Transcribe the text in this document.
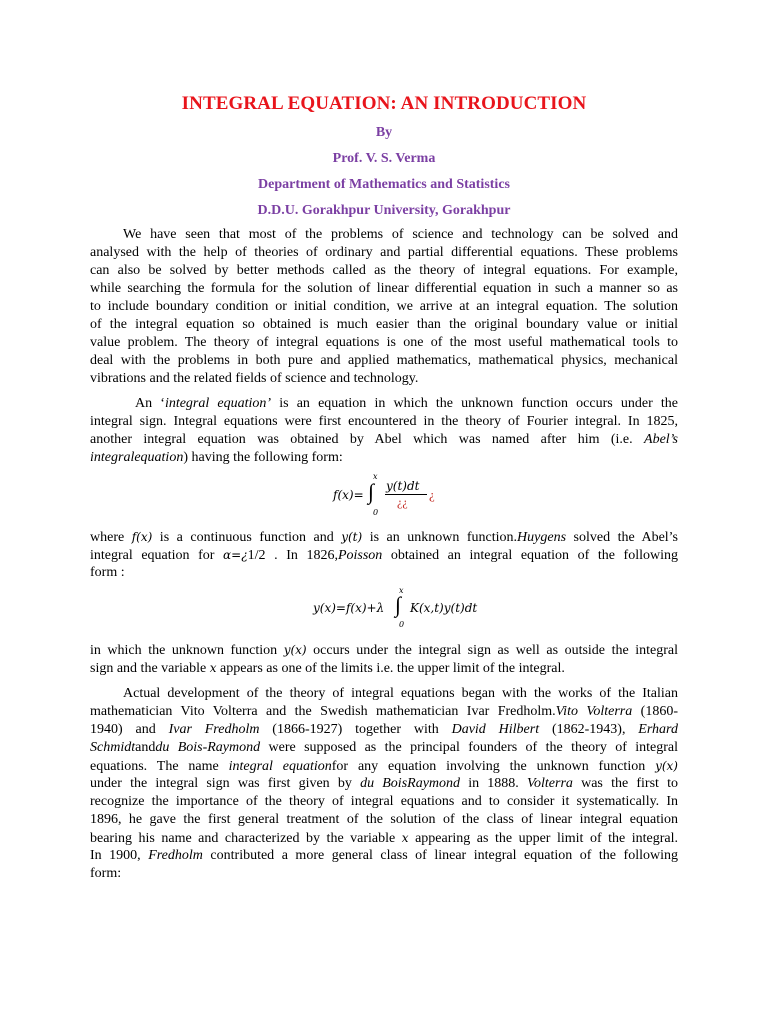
INTEGRAL EQUATION: AN INTRODUCTION
By
Prof. V. S. Verma
Department of Mathematics and Statistics
D.D.U. Gorakhpur University, Gorakhpur
We have seen that most of the problems of science and technology can be solved and
analysed with the help of theories of ordinary and partial differential equations. These problems
can also be solved by better methods called as the theory of integral equations. For example,
while searching the formula for the solution of linear differential equation in such a manner so as
to include boundary condition or initial condition, we arrive at an integral equation. The solution
of the integral equation so obtained is much easier than the original boundary value or initial
value problem. The theory of integral equations is one of the most useful mathematical tools to
deal with the problems in both pure and applied mathematics, mathematical physics, mechanical
vibrations and the related fields of science and technology.
An ‘integral equation’ is an equation in which the unknown function occurs under the
integral sign. Integral equations were first encountered in the theory of Fourier integral. In 1825,
another integral equation was obtained by Abel which was named after him (i.e. Abel’s
integralequation) having the following form:
f(x)=
x
∫
0
y(t)dt
¿¿ ¿
where f(x) is a continuous function and y(t) is an unknown function.Huygens solved the Abel’s
integral equation for α=¿1/2 . In 1826,Poisson obtained an integral equation of the following
form :
y(x)=f(x)+λ
x
∫
0
K(x,t)y(t)dt
in which the unknown function y(x) occurs under the integral sign as well as outside the integral
sign and the variable x appears as one of the limits i.e. the upper limit of the integral.
Actual development of the theory of integral equations began with the works of the Italian
mathematician Vito Volterra and the Swedish mathematician Ivar Fredholm.Vito Volterra (1860-
1940) and Ivar Fredholm (1866-1927) together with David Hilbert (1862-1943), Erhard
Schmidtanddu Bois-Raymond were supposed as the principal founders of the theory of integral
equations. The name integral equationfor any equation involving the unknown function y(x)
under the integral sign was first given by du BoisRaymond in 1888. Volterra was the first to
recognize the importance of the theory of integral equations and to consider it systematically. In
1896, he gave the first general treatment of the solution of the class of linear integral equation
bearing his name and characterized by the variable x appearing as the upper limit of the integral.
In 1900, Fredholm contributed a more general class of linear integral equation of the following
form:
